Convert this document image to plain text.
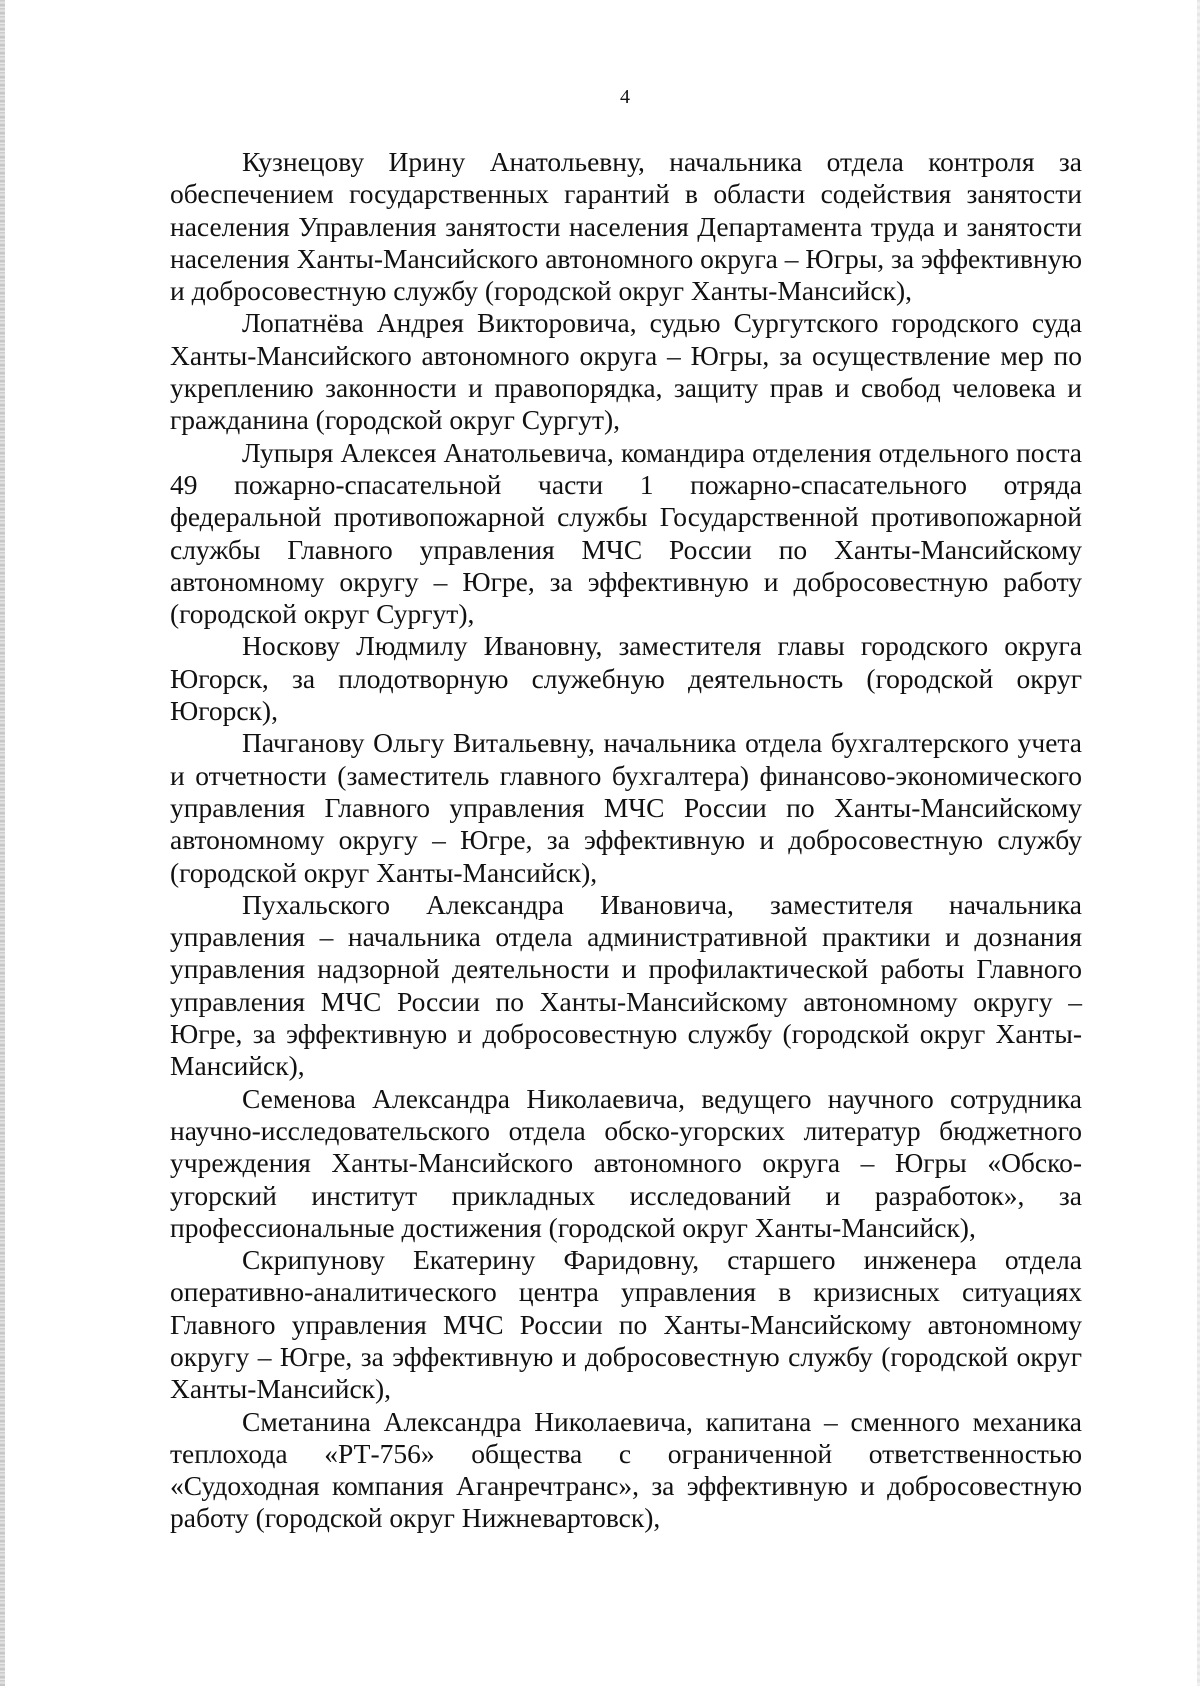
4

Кузнецову Ирину Анатольевну, начальника отдела контроля за обеспечением государственных гарантий в области содействия занятости населения Управления занятости населения Департамента труда и занятости населения Ханты-Мансийского автономного округа – Югры, за эффективную и добросовестную службу (городской округ Ханты-Мансийск),

Лопатнёва Андрея Викторовича, судью Сургутского городского суда Ханты-Мансийского автономного округа – Югры, за осуществление мер по укреплению законности и правопорядка, защиту прав и свобод человека и гражданина (городской округ Сургут),

Лупыря Алексея Анатольевича, командира отделения отдельного поста 49 пожарно-спасательной части 1 пожарно-спасательного отряда федеральной противопожарной службы Государственной противопожарной службы Главного управления МЧС России по Ханты-Мансийскому автономному округу – Югре, за эффективную и добросовестную работу (городской округ Сургут),

Носкову Людмилу Ивановну, заместителя главы городского округа Югорск, за плодотворную служебную деятельность (городской округ Югорск),

Пачганову Ольгу Витальевну, начальника отдела бухгалтерского учета и отчетности (заместитель главного бухгалтера) финансово-экономического управления Главного управления МЧС России по Ханты-Мансийскому автономному округу – Югре, за эффективную и добросовестную службу (городской округ Ханты-Мансийск),

Пухальского Александра Ивановича, заместителя начальника управления – начальника отдела административной практики и дознания управления надзорной деятельности и профилактической работы Главного управления МЧС России по Ханты-Мансийскому автономному округу – Югре, за эффективную и добросовестную службу (городской округ Ханты-Мансийск),

Семенова Александра Николаевича, ведущего научного сотрудника научно-исследовательского отдела обско-угорских литератур бюджетного учреждения Ханты-Мансийского автономного округа – Югры «Обско-угорский институт прикладных исследований и разработок», за профессиональные достижения (городской округ Ханты-Мансийск),

Скрипунову Екатерину Фаридовну, старшего инженера отдела оперативно-аналитического центра управления в кризисных ситуациях Главного управления МЧС России по Ханты-Мансийскому автономному округу – Югре, за эффективную и добросовестную службу (городской округ Ханты-Мансийск),

Сметанина Александра Николаевича, капитана – сменного механика теплохода «РТ-756» общества с ограниченной ответственностью «Судоходная компания Аганречтранс», за эффективную и добросовестную работу (городской округ Нижневартовск),
